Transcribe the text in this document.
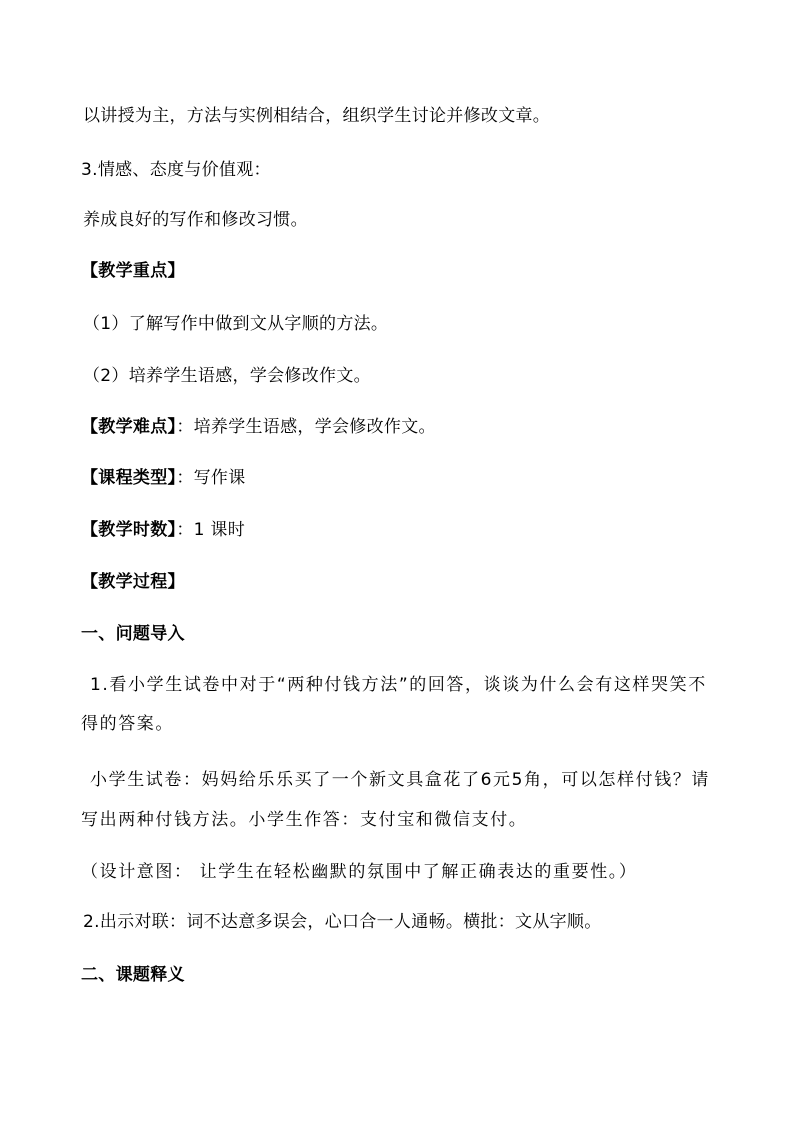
以讲授为主，方法与实例相结合，组织学生讨论并修改文章。
3.情感、态度与价值观：
养成良好的写作和修改习惯。
【教学重点】
（1）了解写作中做到文从字顺的方法。
（2）培养学生语感，学会修改作文。
【教学难点】：培养学生语感，学会修改作文。
【课程类型】：写作课
【教学时数】：1 课时
【教学过程】
一、问题导入
1.看小学生试卷中对于“两种付钱方法”的回答，谈谈为什么会有这样哭笑不
得的答案。
小学生试卷：妈妈给乐乐买了一个新文具盒花了6元5角，可以怎样付钱？请
写出两种付钱方法。小学生作答：支付宝和微信支付。
（设计意图： 让学生在轻松幽默的氛围中了解正确表达的重要性。）
2.出示对联：词不达意多误会，心口合一人通畅。横批：文从字顺。
二、课题释义
